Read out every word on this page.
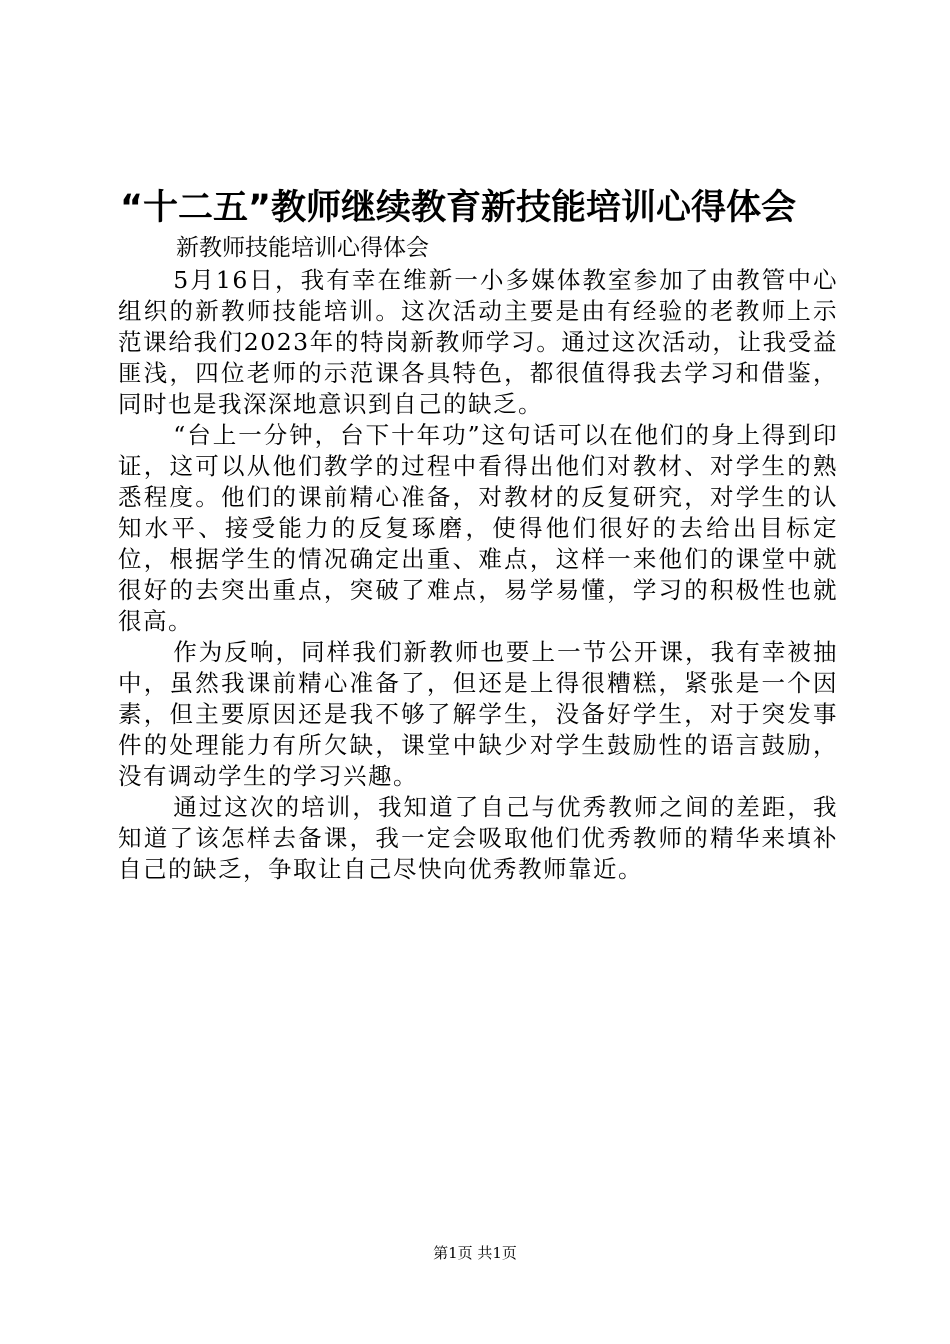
“十二五”教师继续教育新技能培训心得体会
新教师技能培训心得体会

5月16日，我有幸在维新一小多媒体教室参加了由教管中心组织的新教师技能培训。这次活动主要是由有经验的老教师上示范课给我们2023年的特岗新教师学习。通过这次活动，让我受益匪浅，四位老师的示范课各具特色，都很值得我去学习和借鉴，同时也是我深深地意识到自己的缺乏。

“台上一分钟，台下十年功”这句话可以在他们的身上得到印证，这可以从他们教学的过程中看得出他们对教材、对学生的熟悉程度。他们的课前精心准备，对教材的反复研究，对学生的认知水平、接受能力的反复琢磨，使得他们很好的去给出目标定位，根据学生的情况确定出重、难点，这样一来他们的课堂中就很好的去突出重点，突破了难点，易学易懂，学习的积极性也就很高。

作为反响，同样我们新教师也要上一节公开课，我有幸被抽中，虽然我课前精心准备了，但还是上得很糟糕，紧张是一个因素，但主要原因还是我不够了解学生，没备好学生，对于突发事件的处理能力有所欠缺，课堂中缺少对学生鼓励性的语言鼓励，没有调动学生的学习兴趣。

通过这次的培训，我知道了自己与优秀教师之间的差距，我知道了该怎样去备课，我一定会吸取他们优秀教师的精华来填补自己的缺乏，争取让自己尽快向优秀教师靠近。

第1页 共1页
